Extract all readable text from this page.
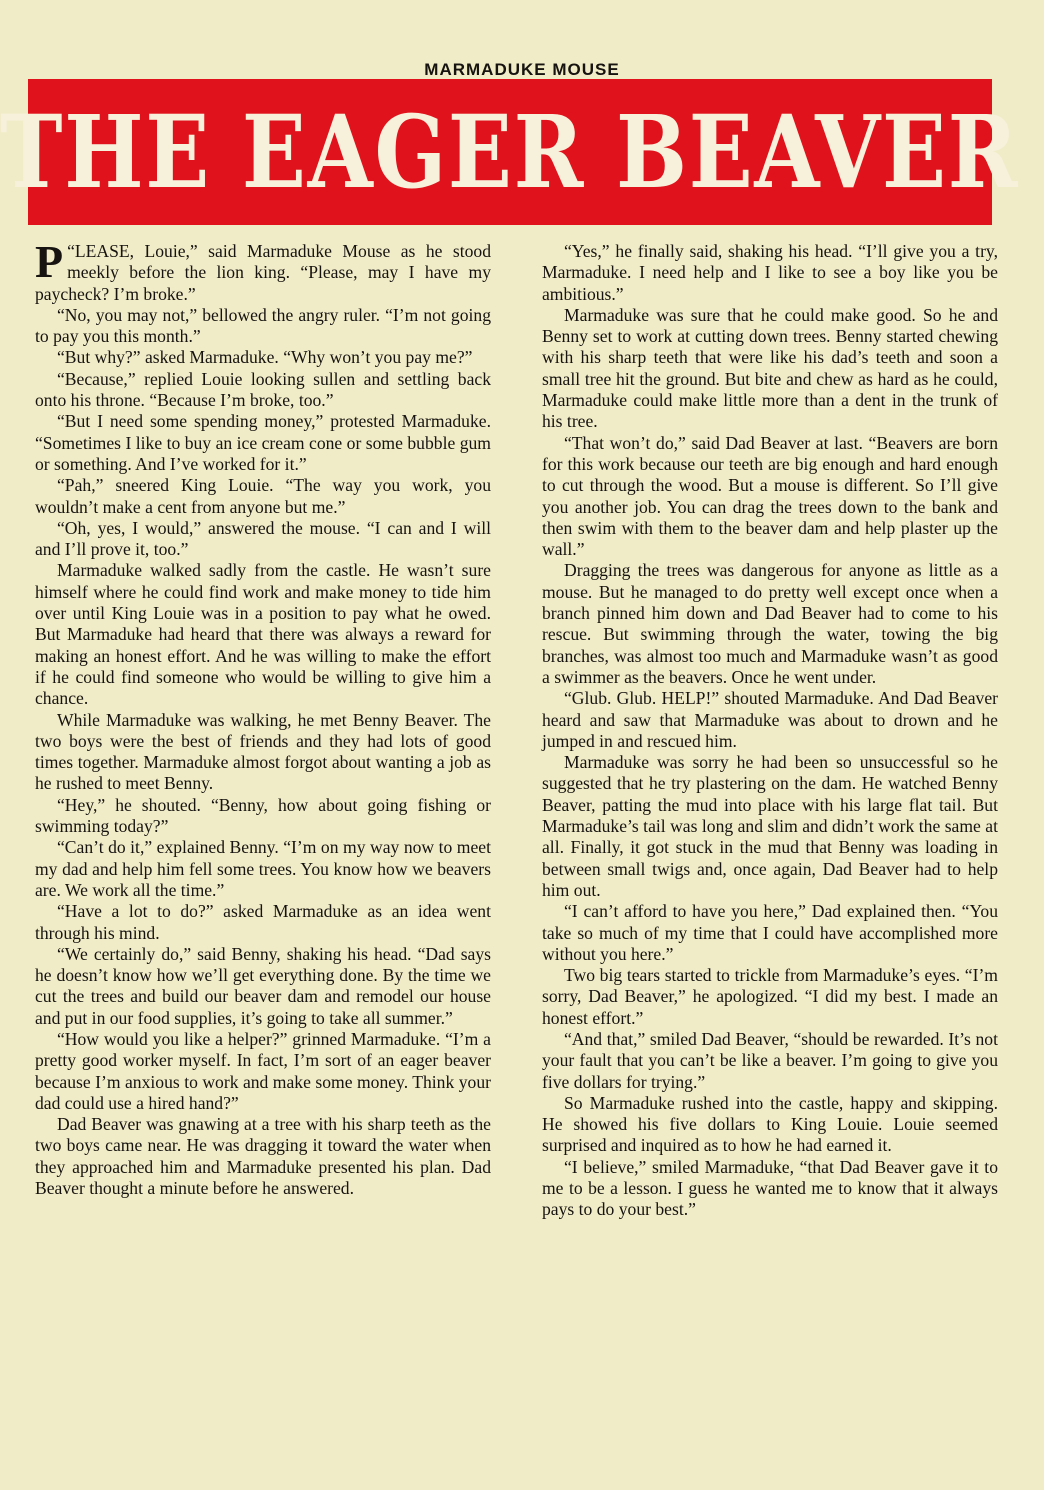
MARMADUKE MOUSE
THE EAGER BEAVER

“
P LEASE, Louie,” said Marmaduke Mouse as he stood meekly before the lion king. “Please, may I have my paycheck? I’m broke.”

“No, you may not,” bellowed the angry ruler. “I’m not going to pay you this month.”

“But why?” asked Marmaduke. “Why won’t you pay me?”

“Because,” replied Louie looking sullen and settling back onto his throne. “Because I’m broke, too.”

“But I need some spending money,” protested Marmaduke. “Sometimes I like to buy an ice cream cone or some bubble gum or something. And I’ve worked for it.”

“Pah,” sneered King Louie. “The way you work, you wouldn’t make a cent from anyone but me.”

“Oh, yes, I would,” answered the mouse. “I can and I will and I’ll prove it, too.”

Marmaduke walked sadly from the castle. He wasn’t sure himself where he could find work and make money to tide him over until King Louie was in a position to pay what he owed. But Marmaduke had heard that there was always a reward for making an honest effort. And he was willing to make the effort if he could find someone who would be willing to give him a chance.

While Marmaduke was walking, he met Benny Beaver. The two boys were the best of friends and they had lots of good times together. Marmaduke almost forgot about wanting a job as he rushed to meet Benny.

“Hey,” he shouted. “Benny, how about going fishing or swimming today?”

“Can’t do it,” explained Benny. “I’m on my way now to meet my dad and help him fell some trees. You know how we beavers are. We work all the time.”

“Have a lot to do?” asked Marmaduke as an idea went through his mind.

“We certainly do,” said Benny, shaking his head. “Dad says he doesn’t know how we’ll get everything done. By the time we cut the trees and build our beaver dam and remodel our house and put in our food supplies, it’s going to take all summer.”

“How would you like a helper?” grinned Marmaduke. “I’m a pretty good worker myself. In fact, I’m sort of an eager beaver because I’m anxious to work and make some money. Think your dad could use a hired hand?”

Dad Beaver was gnawing at a tree with his sharp teeth as the two boys came near. He was dragging it toward the water when they approached him and Marmaduke presented his plan. Dad Beaver thought a minute before he answered.

“Yes,” he finally said, shaking his head. “I’ll give you a try, Marmaduke. I need help and I like to see a boy like you be ambitious.”

Marmaduke was sure that he could make good. So he and Benny set to work at cutting down trees. Benny started chewing with his sharp teeth that were like his dad’s teeth and soon a small tree hit the ground. But bite and chew as hard as he could, Marmaduke could make little more than a dent in the trunk of his tree.

“That won’t do,” said Dad Beaver at last. “Beavers are born for this work because our teeth are big enough and hard enough to cut through the wood. But a mouse is different. So I’ll give you another job. You can drag the trees down to the bank and then swim with them to the beaver dam and help plaster up the wall.”

Dragging the trees was dangerous for anyone as little as a mouse. But he managed to do pretty well except once when a branch pinned him down and Dad Beaver had to come to his rescue. But swimming through the water, towing the big branches, was almost too much and Marmaduke wasn’t as good a swimmer as the beavers. Once he went under.

“Glub. Glub. HELP!” shouted Marmaduke. And Dad Beaver heard and saw that Marmaduke was about to drown and he jumped in and rescued him.

Marmaduke was sorry he had been so unsuccessful so he suggested that he try plastering on the dam. He watched Benny Beaver, patting the mud into place with his large flat tail. But Marmaduke’s tail was long and slim and didn’t work the same at all. Finally, it got stuck in the mud that Benny was loading in between small twigs and, once again, Dad Beaver had to help him out.

“I can’t afford to have you here,” Dad explained then. “You take so much of my time that I could have accomplished more without you here.”

Two big tears started to trickle from Marmaduke’s eyes. “I’m sorry, Dad Beaver,” he apologized. “I did my best. I made an honest effort.”

“And that,” smiled Dad Beaver, “should be rewarded. It’s not your fault that you can’t be like a beaver. I’m going to give you five dollars for trying.”

So Marmaduke rushed into the castle, happy and skipping. He showed his five dollars to King Louie. Louie seemed surprised and inquired as to how he had earned it.

“I believe,” smiled Marmaduke, “that Dad Beaver gave it to me to be a lesson. I guess he wanted me to know that it always pays to do your best.”
